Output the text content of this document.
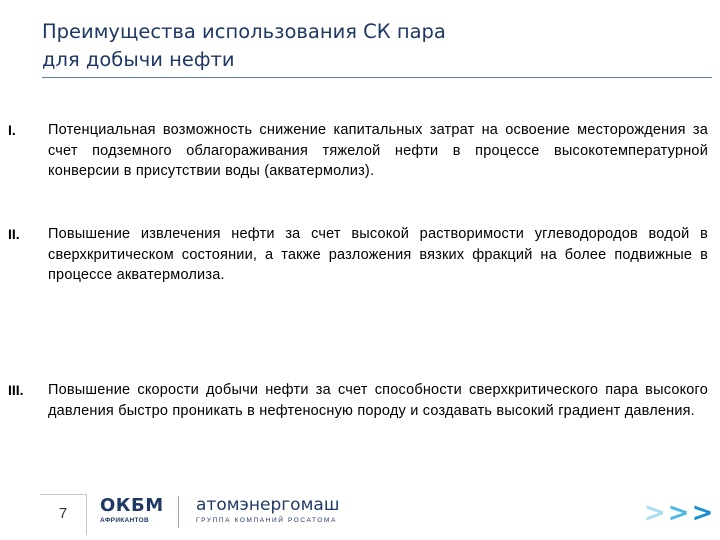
Преимущества использования СК пара
для добычи нефти
I. Потенциальная возможность снижение капитальных затрат на освоение месторождения за счет подземного облагораживания тяжелой нефти в процессе высокотемпературной конверсии в присутствии воды (акватермолиз).
II. Повышение извлечения нефти за счет высокой растворимости углеводородов водой в сверхкритическом состоянии, а также разложения вязких фракций на более подвижные в процессе акватермолиза.
III. Повышение скорости добычи нефти за счет способности сверхкритического пара высокого давления быстро проникать в нефтеносную породу и создавать высокий градиент давления.
7	ОКБМ
АФРИКАНТОВ
атомэнергомаш
ГРУППА КОМПАНИЙ РОСАТОМА	>>>
